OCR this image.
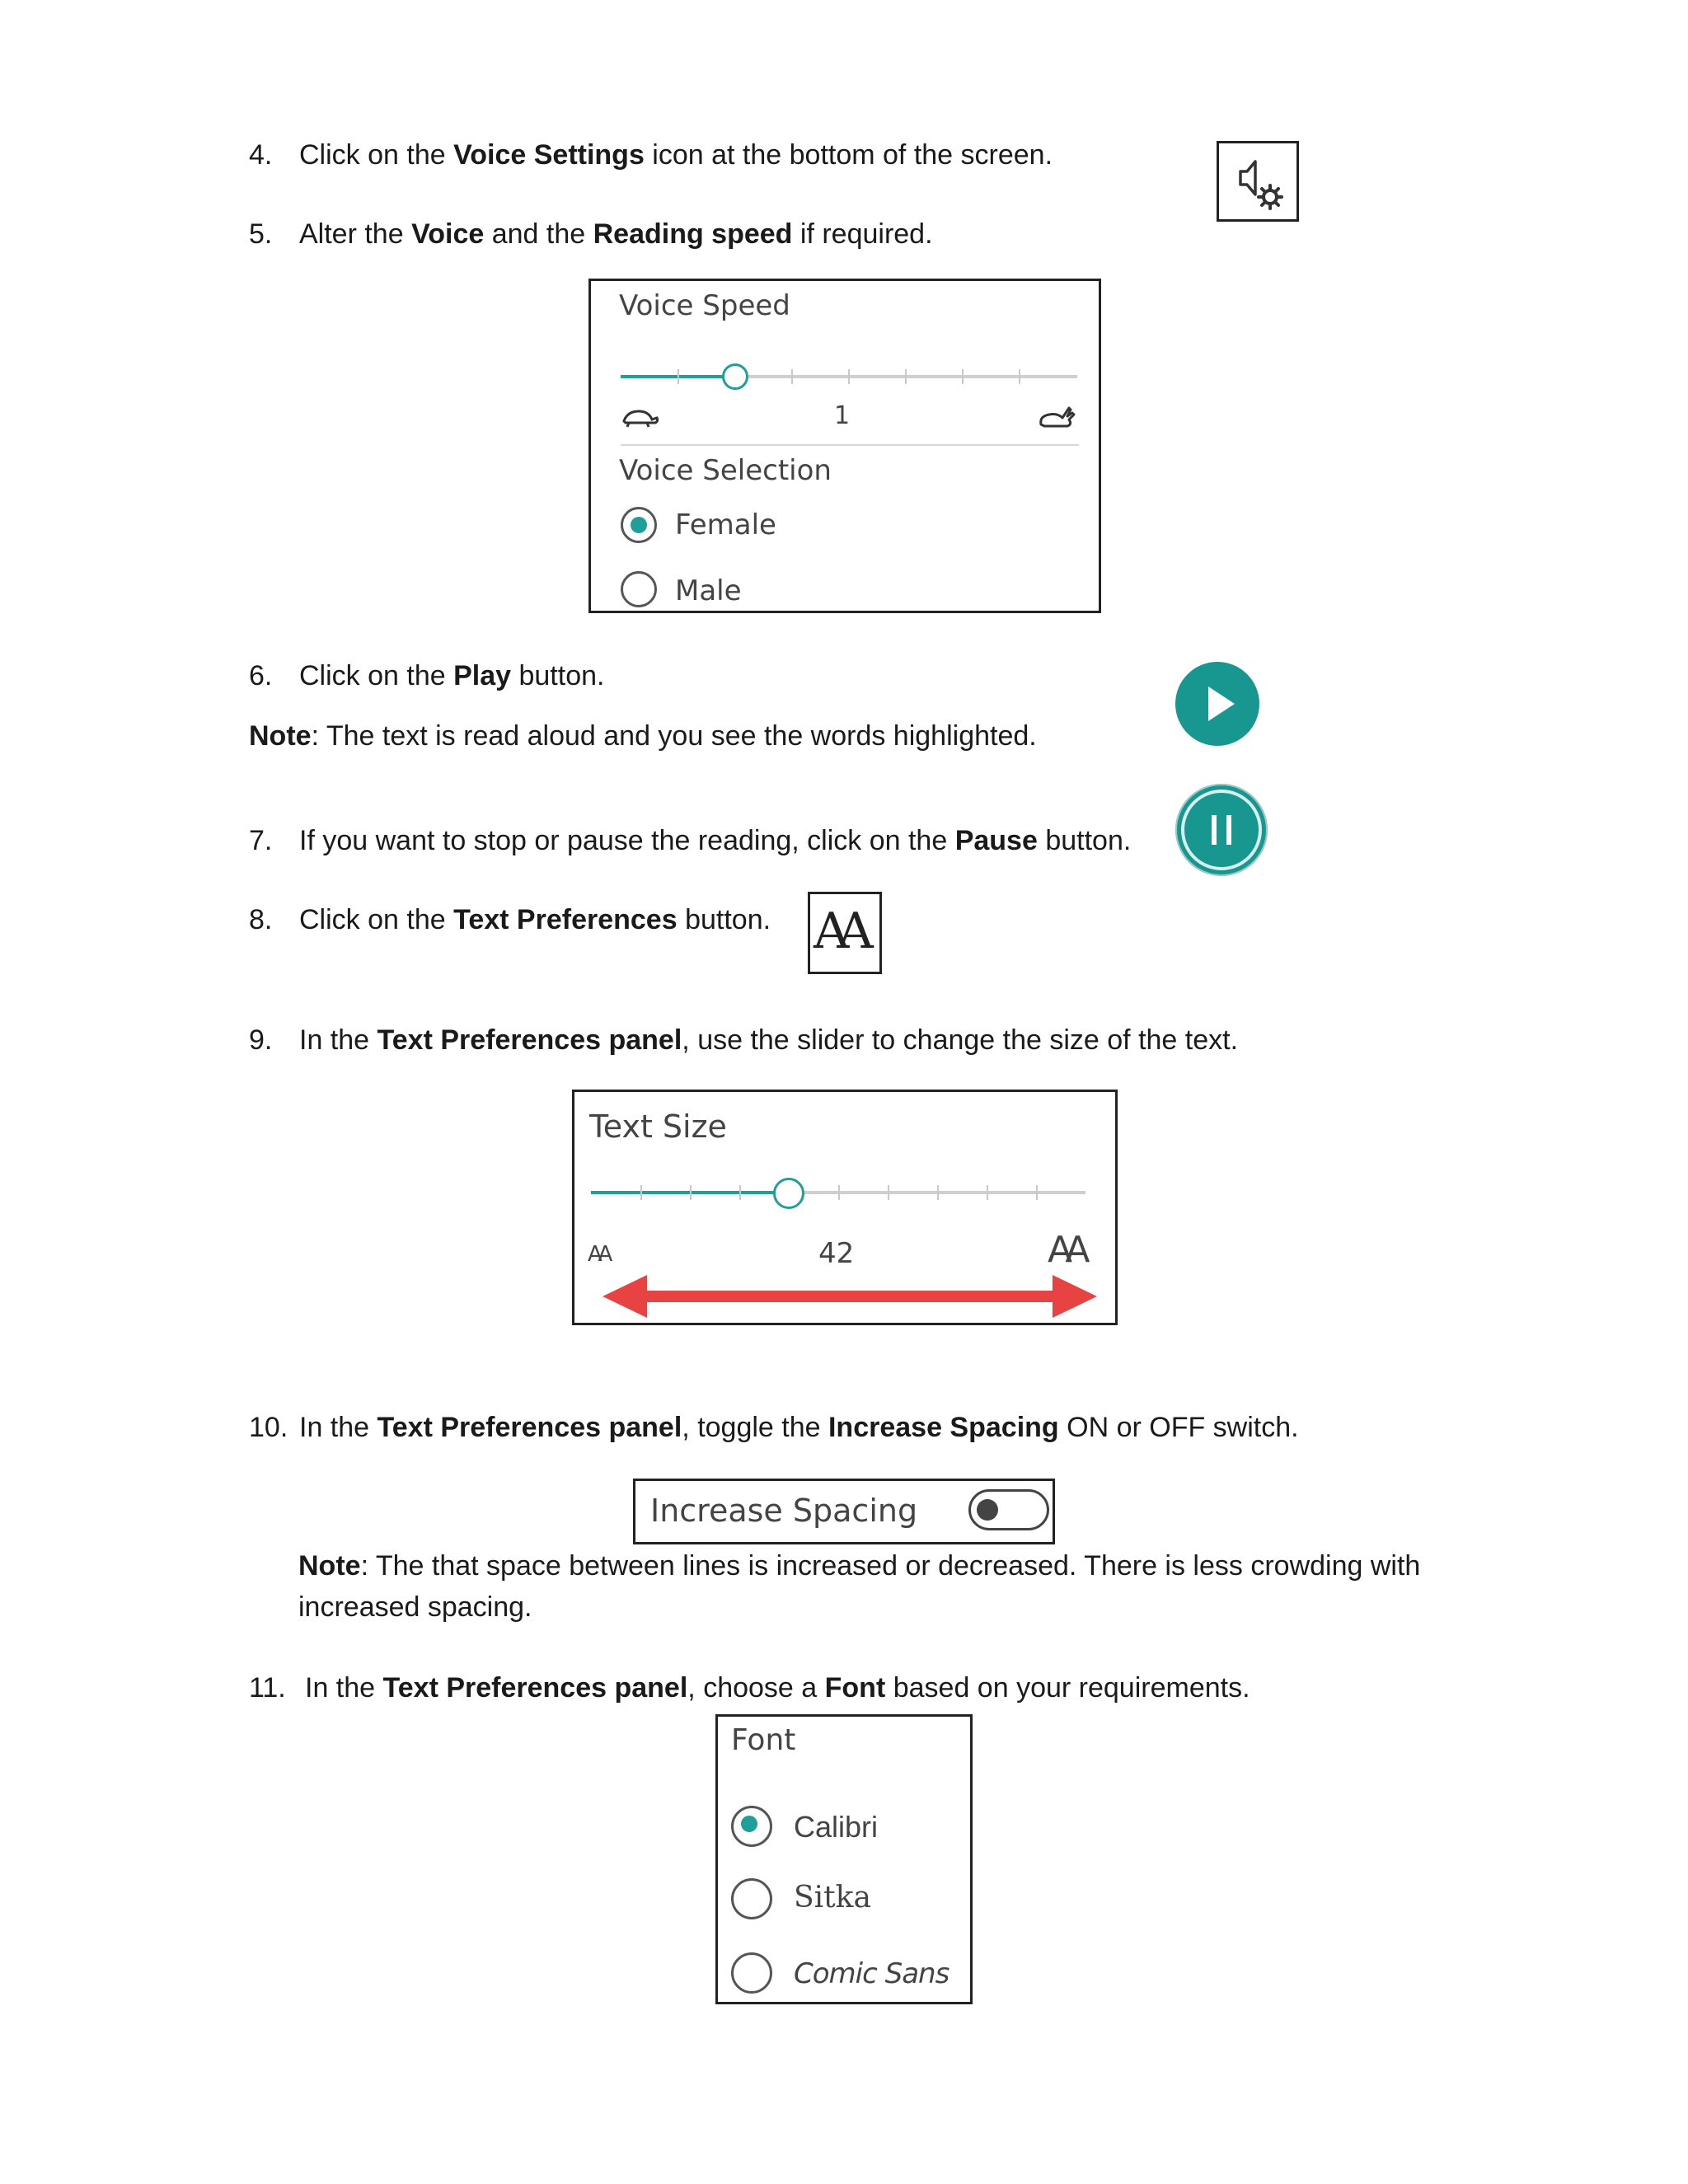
4. Click on the Voice Settings icon at the bottom of the screen.
5. Alter the Voice and the Reading speed if required.
Voice Speed
1
Voice Selection
Female
Male
6. Click on the Play button.
Note: The text is read aloud and you see the words highlighted.
7. If you want to stop or pause the reading, click on the Pause button.
8. Click on the Text Preferences button. AA
9. In the Text Preferences panel, use the slider to change the size of the text.
Text Size
AA	42	AA
10. In the Text Preferences panel, toggle the Increase Spacing ON or OFF switch.
Increase Spacing
Note: The that space between lines is increased or decreased. There is less crowding with increased spacing.
11. In the Text Preferences panel, choose a Font based on your requirements.
Font
Calibri
Sitka
Comic Sans
